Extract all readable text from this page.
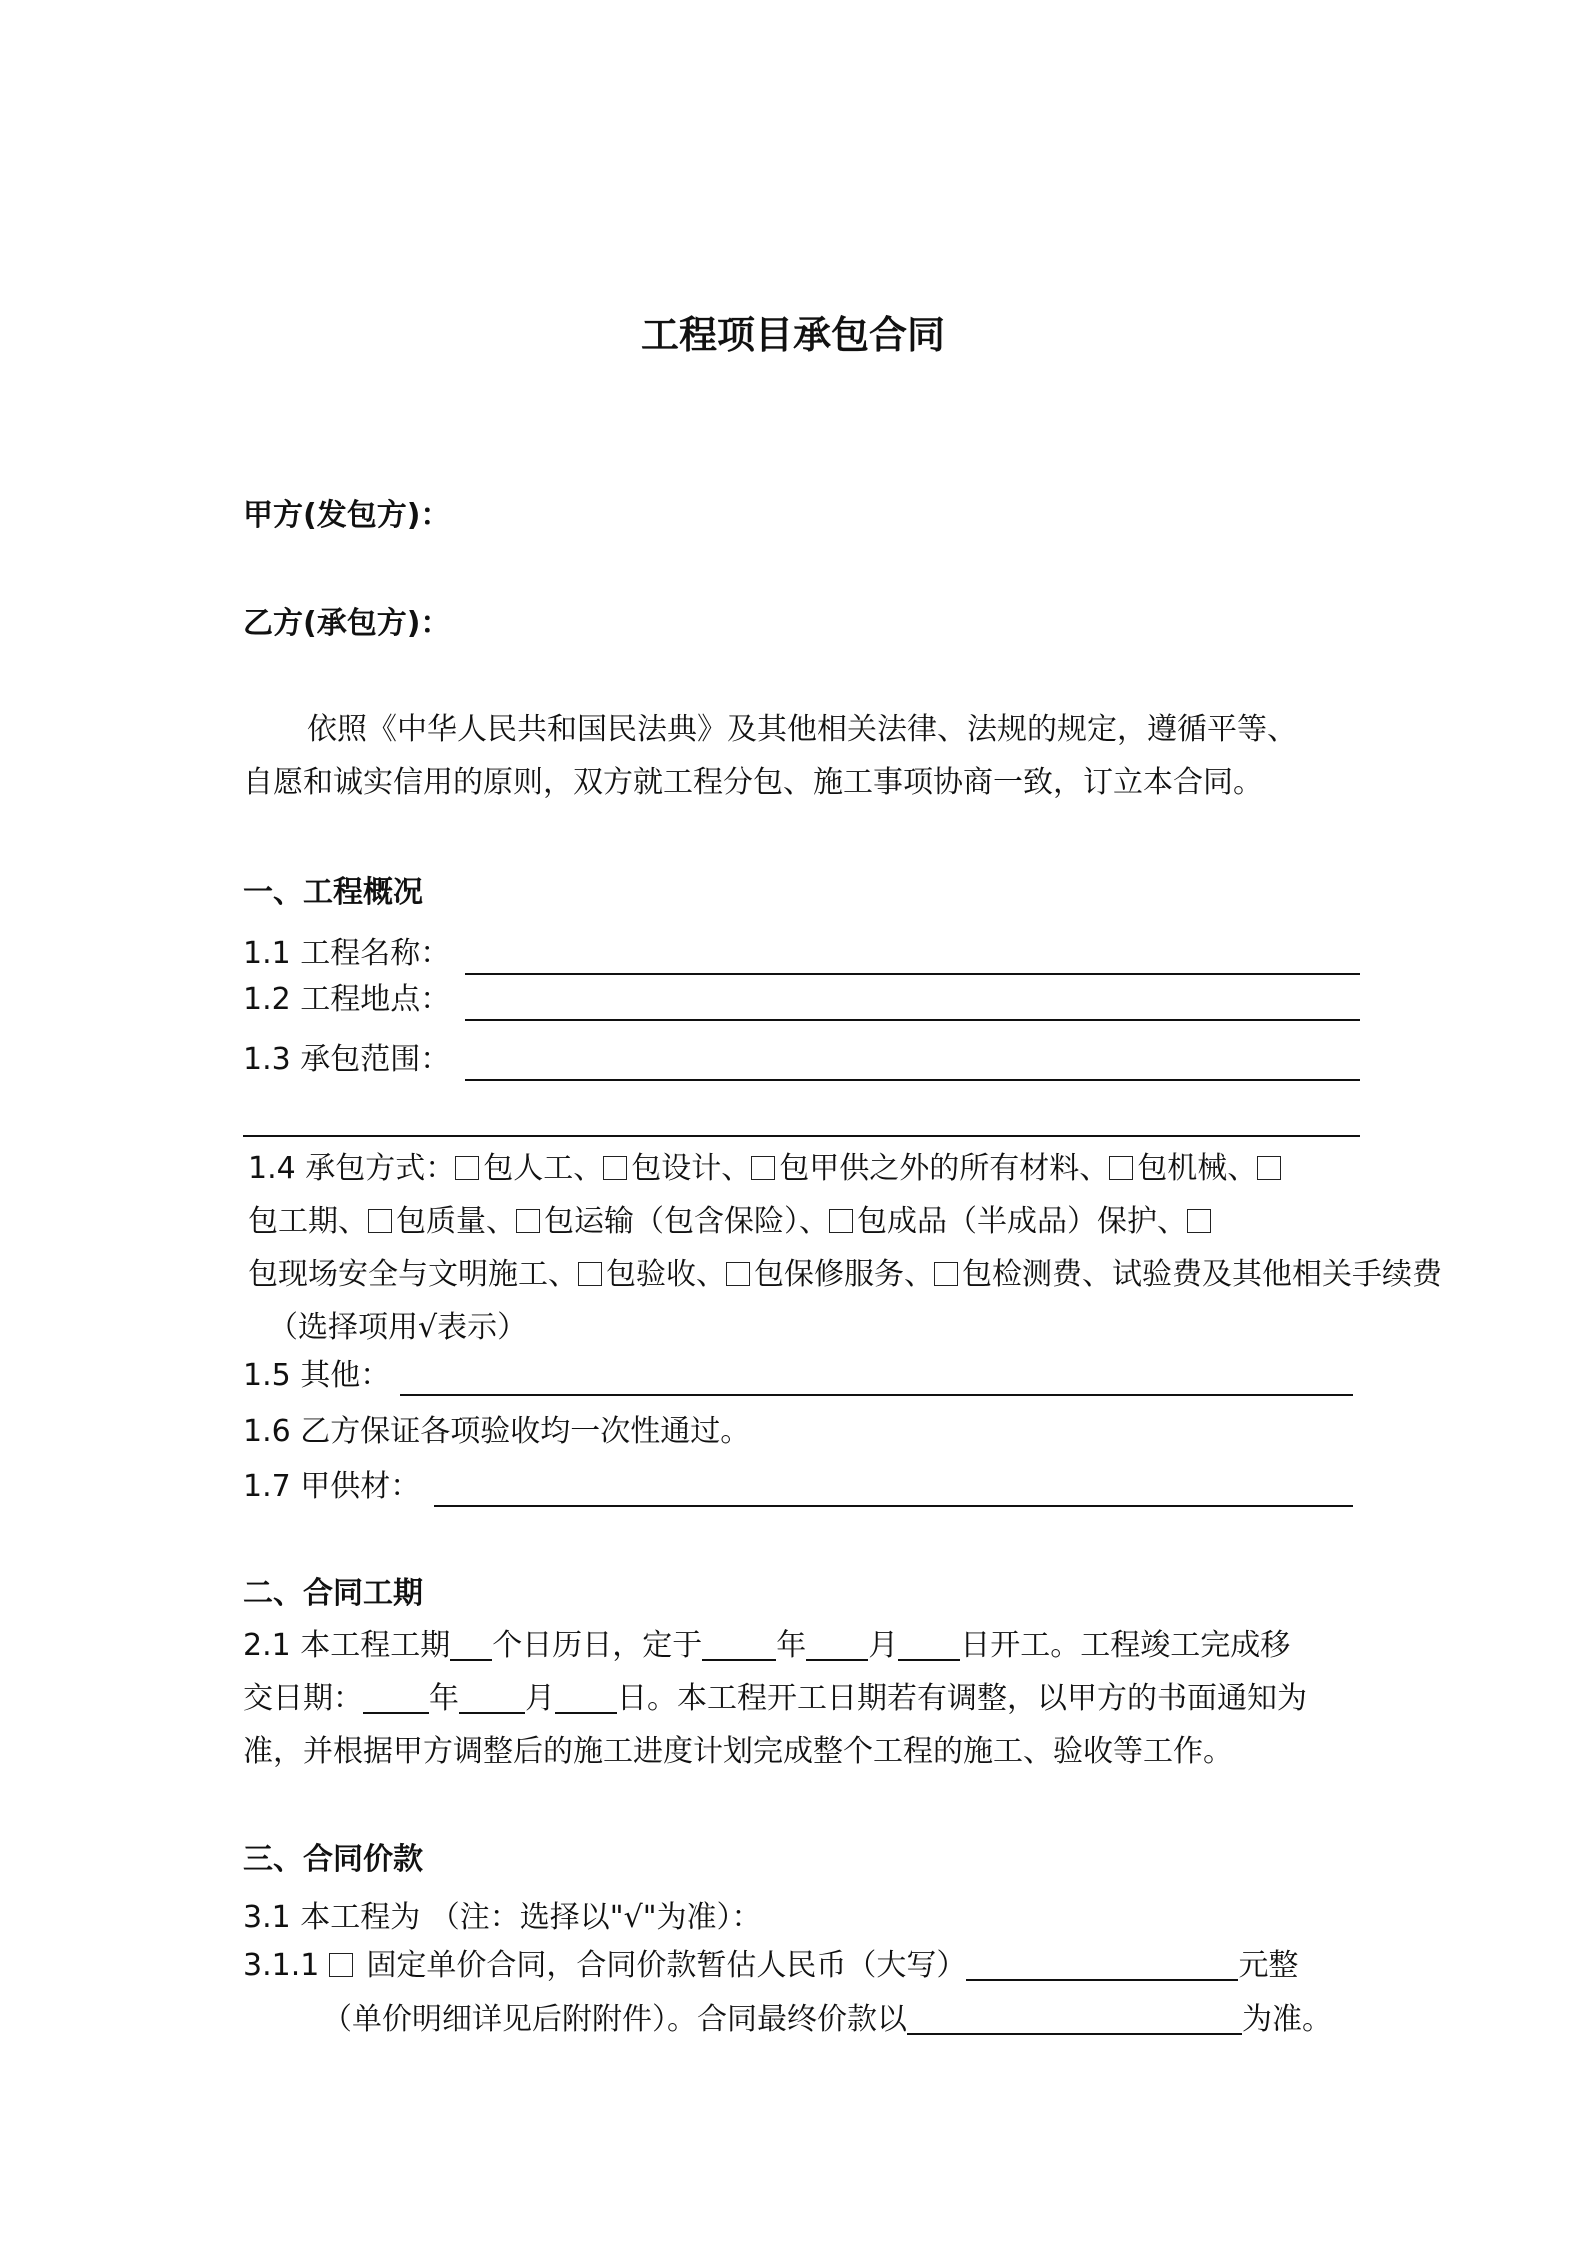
工程项目承包合同
甲方(发包方)：
乙方(承包方)：

依照《中华人民共和国民法典》及其他相关法律、法规的规定，遵循平等、

自愿和诚实信用的原则，双方就工程分包、施工事项协商一致，订立本合同。

一、工程概况
1.1 工程名称：
1.2 工程地点：
1.3 承包范围：

1.4 承包方式： 包人工、 包设计、 包甲供之外的所有材料、 包机械、

包工期、 包质量、 包运输（包含保险）、 包成品（半成品）保护、

包现场安全与文明施工、 包验收、 包保修服务、 包检测费、试验费及其他相关手续费

（选择项用√表示）

1.5 其他：
1.6 乙方保证各项验收均一次性通过。
1.7 甲供材：
二、合同工期

2.1 本工程工期 个日历日，定于 年 月 日开工。工程竣工完成移

交日期： 年 月 日。本工程开工日期若有调整，以甲方的书面通知为

准，并根据甲方调整后的施工进度计划完成整个工程的施工、验收等工作。

三、合同价款
3.1 本工程为 （注：选择以"√"为准）：
3.1.1 固定单价合同，合同价款暂估人民币（大写）	元整
（单价明细详见后附附件）。合同最终价款以	为准。
